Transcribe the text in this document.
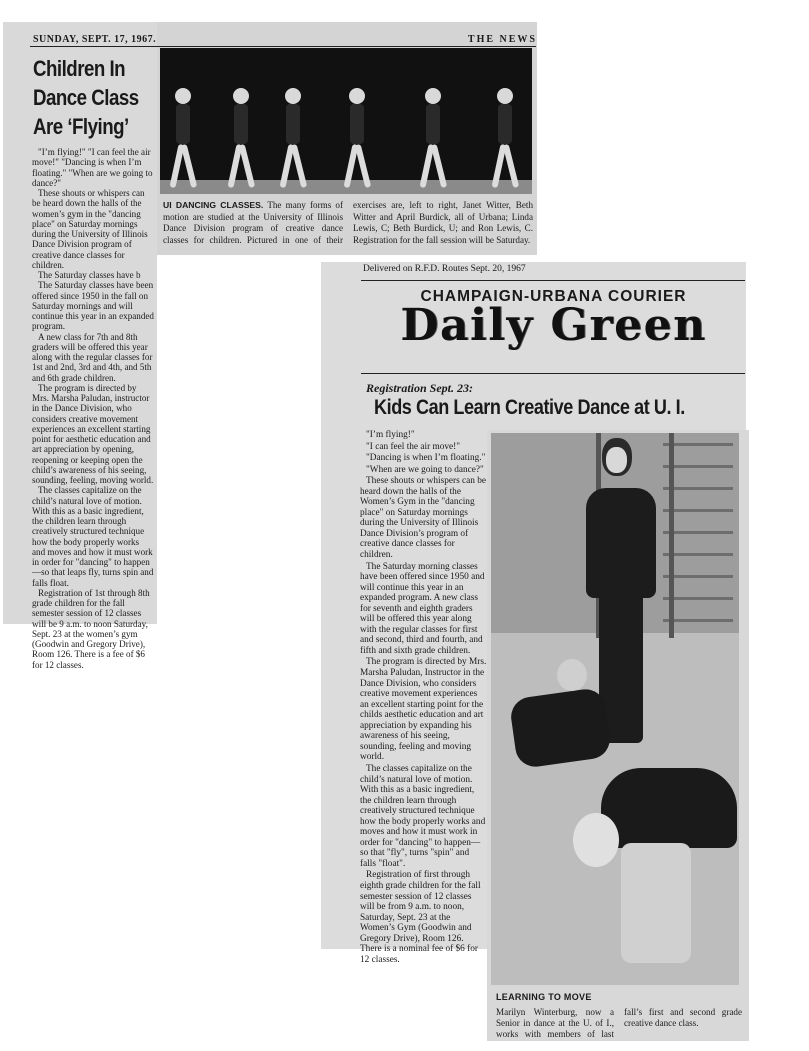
SUNDAY, SEPT. 17, 1967.	THE NEWS
Children In
Dance Class
Are ‘Flying’

"I’m flying!" "I can feel the air move!" "Dancing is when I’m floating." "When are we going to dance?"

These shouts or whispers can be heard down the halls of the women’s gym in the "dancing place" on Saturday mornings during the University of Illinois Dance Division program of creative dance classes for children.

The Saturday classes have b

The Saturday classes have been offered since 1950 in the fall on Saturday mornings and will continue this year in an expanded program.

A new class for 7th and 8th graders will be offered this year along with the regular classes for 1st and 2nd, 3rd and 4th, and 5th and 6th grade children.

The program is directed by Mrs. Marsha Paludan, instructor in the Dance Division, who considers creative movement experiences an excellent starting point for aesthetic education and art appreciation by opening, reopening or keeping open the child’s awareness of his seeing, sounding, feeling, moving world.

The classes capitalize on the child’s natural love of motion. With this as a basic ingredient, the children learn through creatively structured technique how the body properly works and moves and how it must work in order for "dancing" to happen—so that leaps fly, turns spin and falls float.

Registration of 1st through 8th grade children for the fall semester session of 12 classes will be 9 a.m. to noon Saturday, Sept. 23 at the women’s gym (Goodwin and Gregory Drive), Room 126. There is a fee of $6 for 12 classes.

UI DANCING CLASSES. The many forms of motion are studied at the University of Illinois Dance Division program of creative dance classes for children. Pictured in one of their exercises are, left to right, Janet Witter, Beth Witter and April Burdick, all of Urbana; Linda Lewis, C; Beth Burdick, U; and Ron Lewis, C. Registration for the fall session will be Saturday.
Delivered on R.F.D. Routes Sept. 20, 1967
CHAMPAIGN-URBANA COURIER
Daily Green
Registration Sept. 23:
Kids Can Learn Creative Dance at U. I.

"I’m flying!"

"I can feel the air move!"

"Dancing is when I’m floating."

"When are we going to dance?"

These shouts or whispers can be heard down the halls of the Women’s Gym in the "dancing place" on Saturday mornings during the University of Illinois Dance Division’s program of creative dance classes for children.

The Saturday morning classes have been offered since 1950 and will continue this year in an expanded program. A new class for seventh and eighth graders will be offered this year along with the regular classes for first and second, third and fourth, and fifth and sixth grade children.

The program is directed by Mrs. Marsha Paludan, Instructor in the Dance Division, who considers creative movement experiences an excellent starting point for the childs aesthetic education and art appreciation by expanding his awareness of his seeing, sounding, feeling and moving world.

The classes capitalize on the child’s natural love of motion. With this as a basic ingredient, the children learn through creatively structured technique how the body properly works and moves and how it must work in order for "dancing" to happen—so that "fly", turns "spin" and falls "float".

Registration of first through eighth grade children for the fall semester session of 12 classes will be from 9 a.m. to noon, Saturday, Sept. 23 at the Women’s Gym (Goodwin and Gregory Drive), Room 126. There is a nominal fee of $6 for 12 classes.

LEARNING TO MOVE
Marilyn Winterburg, now a Senior in dance at the U. of I., works with members of last fall’s first and second grade creative dance class.
